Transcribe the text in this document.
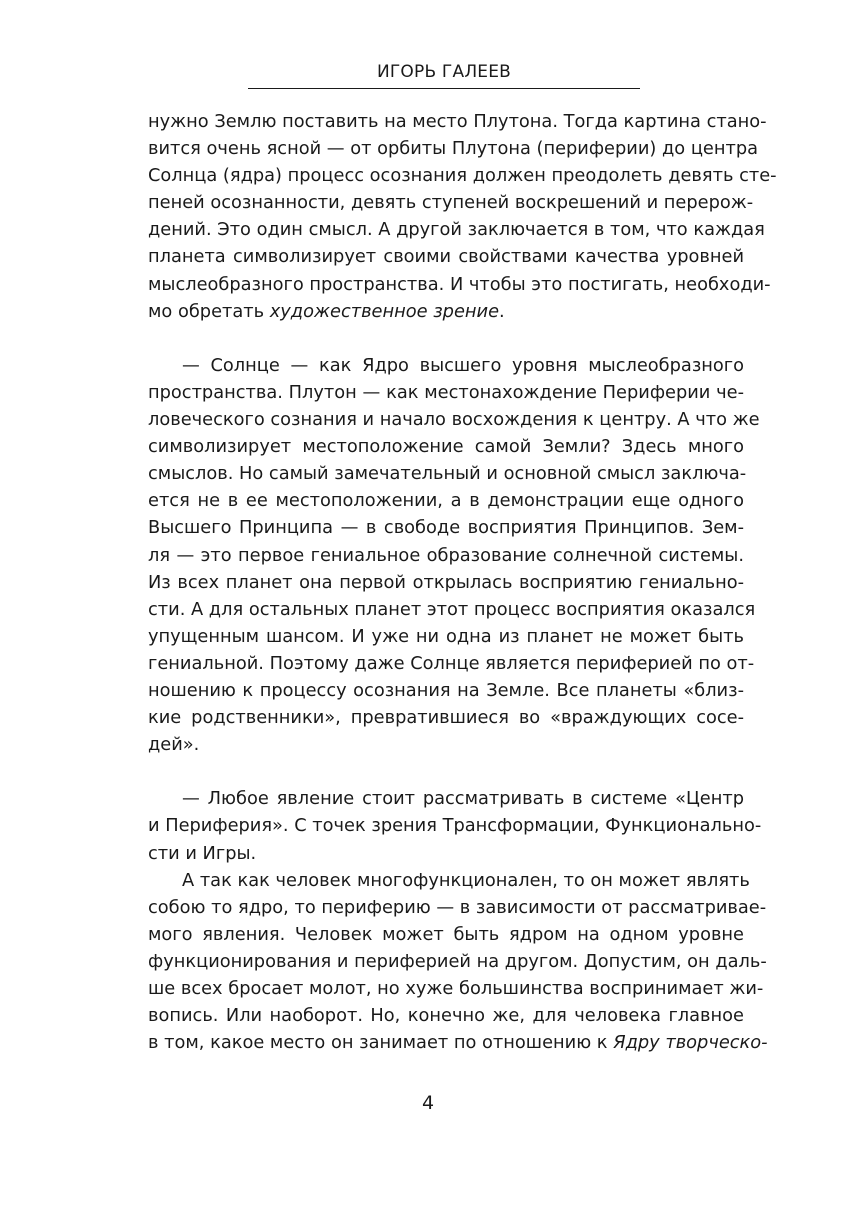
ИГОРЬ ГАЛЕЕВ
нужно Землю поставить на место Плутона. Тогда картина стано-
вится очень ясной — от орбиты Плутона (периферии) до центра
Солнца (ядра) процесс осознания должен преодолеть девять сте-
пеней осознанности, девять ступеней воскрешений и перерож-
дений. Это один смысл. А другой заключается в том, что каждая
планета символизирует своими свойствами качества уровней
мыслеобразного пространства. И чтобы это постигать, необходи-
мо обретать художественное зрение.
— Солнце — как Ядро высшего уровня мыслеобразного
пространства. Плутон — как местонахождение Периферии че-
ловеческого сознания и начало восхождения к центру. А что же
символизирует местоположение самой Земли? Здесь много
смыслов. Но самый замечательный и основной смысл заключа-
ется не в ее местоположении, а в демонстрации еще одного
Высшего Принципа — в свободе восприятия Принципов. Зем-
ля — это первое гениальное образование солнечной системы.
Из всех планет она первой открылась восприятию гениально-
сти. А для остальных планет этот процесс восприятия оказался
упущенным шансом. И уже ни одна из планет не может быть
гениальной. Поэтому даже Солнце является периферией по от-
ношению к процессу осознания на Земле. Все планеты «близ-
кие родственники», превратившиеся во «враждующих сосе-
дей».
— Любое явление стоит рассматривать в системе «Центр
и Периферия». С точек зрения Трансформации, Функционально-
сти и Игры.
А так как человек многофункционален, то он может являть
собою то ядро, то периферию — в зависимости от рассматривае-
мого явления. Человек может быть ядром на одном уровне
функционирования и периферией на другом. Допустим, он даль-
ше всех бросает молот, но хуже большинства воспринимает жи-
вопись. Или наоборот. Но, конечно же, для человека главное
в том, какое место он занимает по отношению к Ядру творческо-
4
